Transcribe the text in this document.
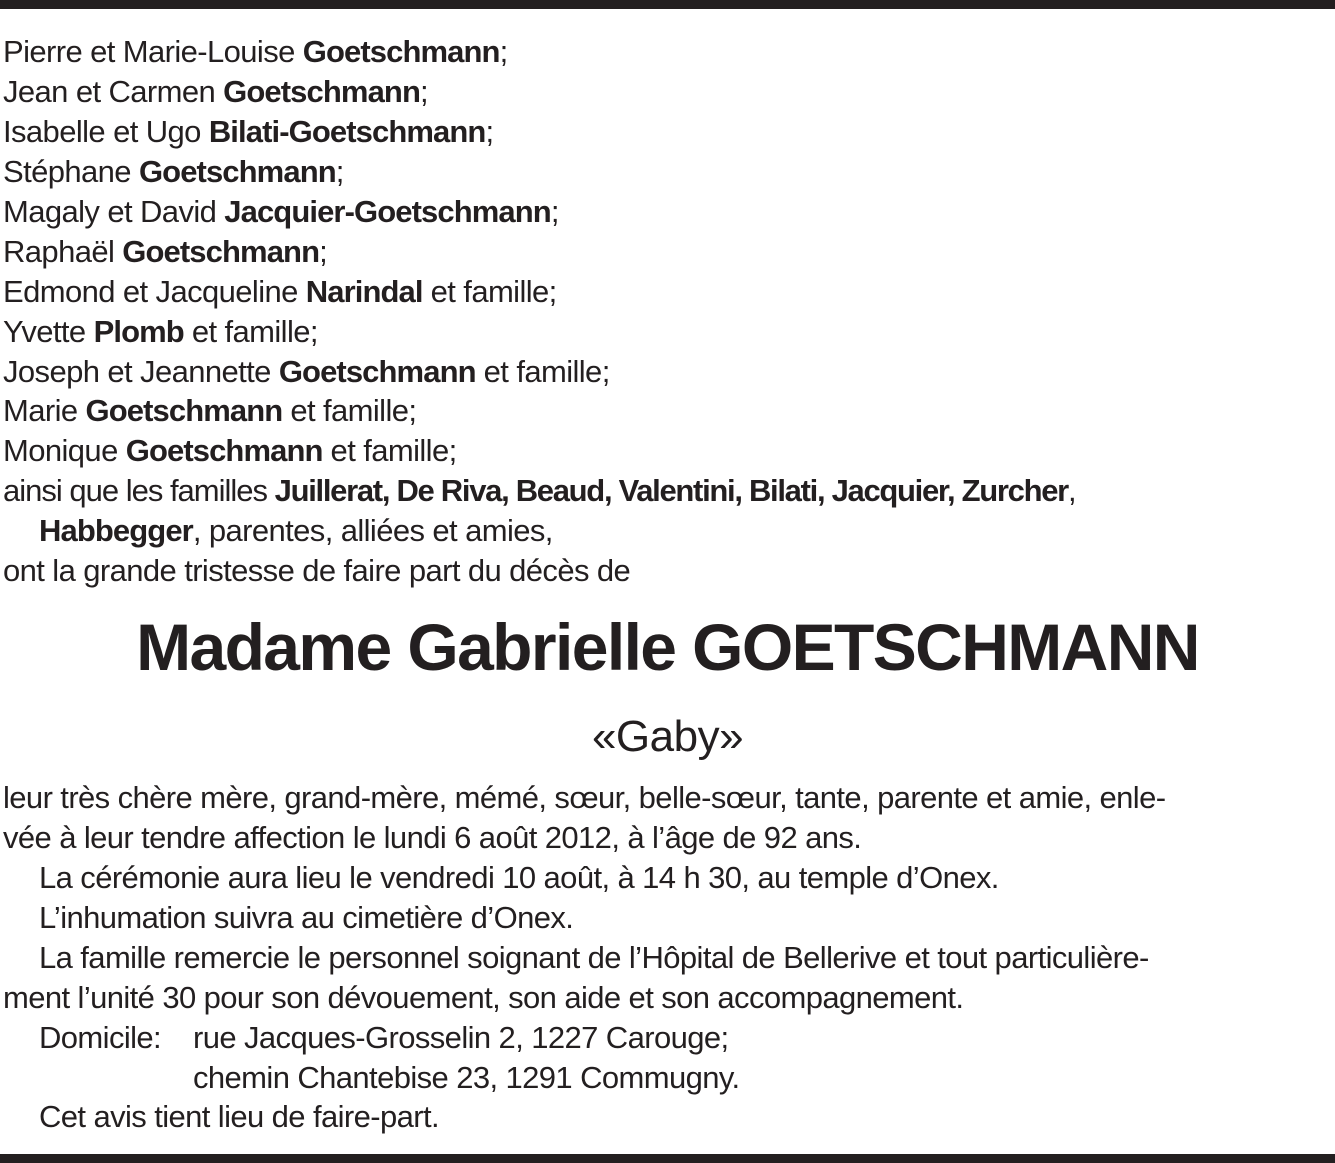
Pierre et Marie-Louise Goetschmann;
Jean et Carmen Goetschmann;
Isabelle et Ugo Bilati-Goetschmann;
Stéphane Goetschmann;
Magaly et David Jacquier-Goetschmann;
Raphaël Goetschmann;
Edmond et Jacqueline Narindal et famille;
Yvette Plomb et famille;
Joseph et Jeannette Goetschmann et famille;
Marie Goetschmann et famille;
Monique Goetschmann et famille;
ainsi que les familles Juillerat, De Riva, Beaud, Valentini, Bilati, Jacquier, Zurcher,
Habbegger, parentes, alliées et amies,
ont la grande tristesse de faire part du décès de
Madame Gabrielle GOETSCHMANN
«Gaby»
leur très chère mère, grand-mère, mémé, sœur, belle-sœur, tante, parente et amie, enle-
vée à leur tendre affection le lundi 6 août 2012, à l’âge de 92 ans.
La cérémonie aura lieu le vendredi 10 août, à 14 h 30, au temple d’Onex.
L’inhumation suivra au cimetière d’Onex.
La famille remercie le personnel soignant de l’Hôpital de Bellerive et tout particulière-
ment l’unité 30 pour son dévouement, son aide et son accompagnement.
Domicile: rue Jacques-Grosselin 2, 1227 Carouge;
chemin Chantebise 23, 1291 Commugny.
Cet avis tient lieu de faire-part.
